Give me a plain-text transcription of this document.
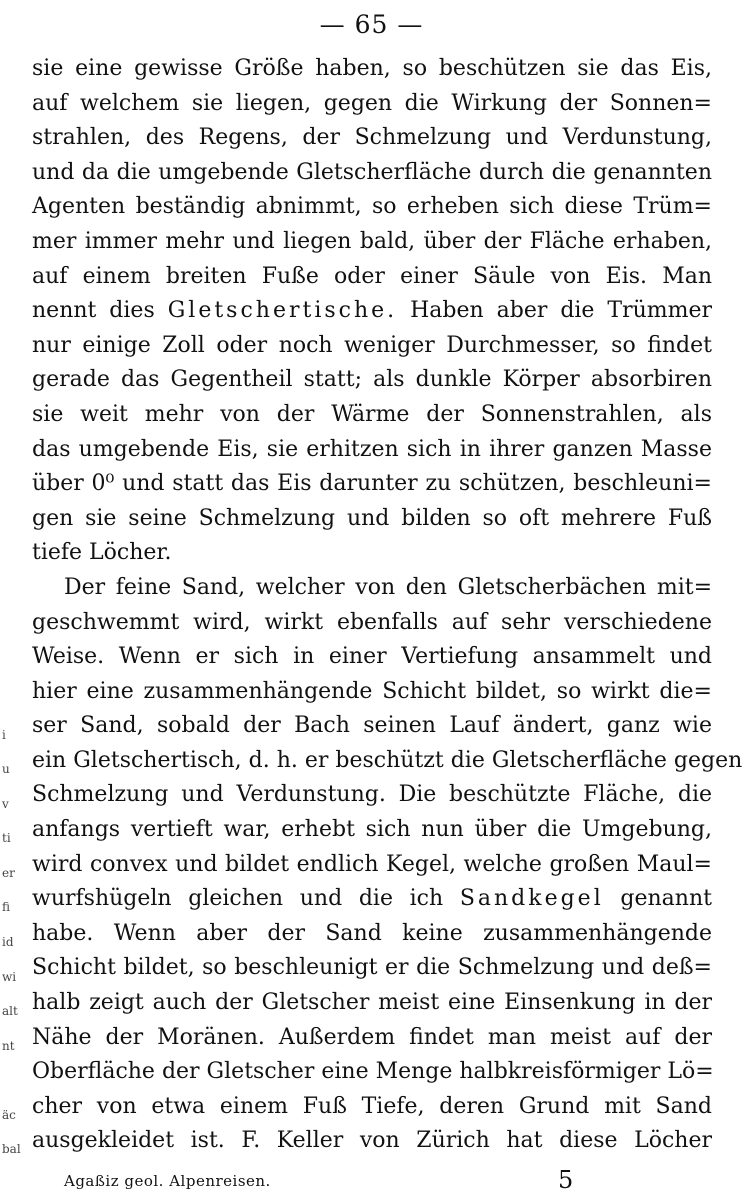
— 65 —
sie eine gewisse Größe haben, so beschützen sie das Eis,
auf welchem sie liegen, gegen die Wirkung der Sonnen=
strahlen, des Regens, der Schmelzung und Verdunstung,
und da die umgebende Gletscherfläche durch die genannten
Agenten beständig abnimmt, so erheben sich diese Trüm=
mer immer mehr und liegen bald, über der Fläche erhaben,
auf einem breiten Fuße oder einer Säule von Eis. Man
nennt dies Gletschertische. Haben aber die Trümmer
nur einige Zoll oder noch weniger Durchmesser, so findet
gerade das Gegentheil statt; als dunkle Körper absorbiren
sie weit mehr von der Wärme der Sonnenstrahlen, als
das umgebende Eis, sie erhitzen sich in ihrer ganzen Masse
über 0⁰ und statt das Eis darunter zu schützen, beschleuni=
gen sie seine Schmelzung und bilden so oft mehrere Fuß
tiefe Löcher.
Der feine Sand, welcher von den Gletscherbächen mit=
geschwemmt wird, wirkt ebenfalls auf sehr verschiedene
Weise. Wenn er sich in einer Vertiefung ansammelt und
hier eine zusammenhängende Schicht bildet, so wirkt die=
ser Sand, sobald der Bach seinen Lauf ändert, ganz wie
ein Gletschertisch, d. h. er beschützt die Gletscherfläche gegen
Schmelzung und Verdunstung. Die beschützte Fläche, die
anfangs vertieft war, erhebt sich nun über die Umgebung,
wird convex und bildet endlich Kegel, welche großen Maul=
wurfshügeln gleichen und die ich Sandkegel genannt
habe. Wenn aber der Sand keine zusammenhängende
Schicht bildet, so beschleunigt er die Schmelzung und deß=
halb zeigt auch der Gletscher meist eine Einsenkung in der
Nähe der Moränen. Außerdem findet man meist auf der
Oberfläche der Gletscher eine Menge halbkreisförmiger Lö=
cher von etwa einem Fuß Tiefe, deren Grund mit Sand
ausgekleidet ist. F. Keller von Zürich hat diese Löcher
i
u
v
ti
er
fi
id
wi
alt
nt
äc
bal
Agaßiz geol. Alpenreisen.	5
